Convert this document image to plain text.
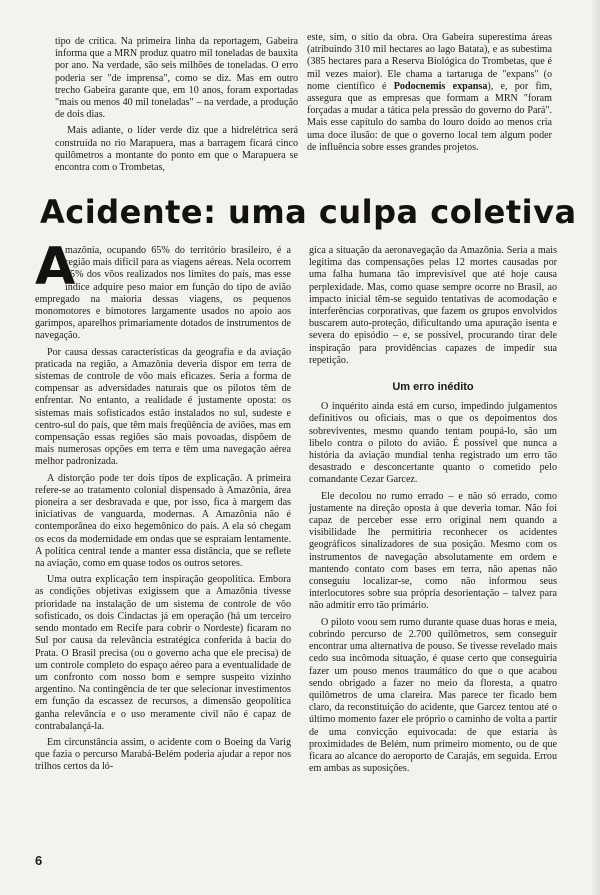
tipo de crítica. Na primeira linha da reportagem, Gabeira informa que a MRN produz quatro mil toneladas de bauxita por ano. Na verdade, são seis milhões de toneladas. O erro poderia ser "de imprensa", como se diz. Mas em outro trecho Gabeira garante que, em 10 anos, foram exportadas "mais ou menos 40 mil toneladas" – na verdade, a produção de dois dias.

Mais adiante, o líder verde diz que a hidrelétrica será construída no rio Marapuera, mas a barragem ficará cinco quilômetros a montante do ponto em que o Marapuera se encontra com o Trombetas,

este, sim, o sítio da obra. Ora Gabeira superestima áreas (atribuindo 310 mil hectares ao lago Batata), e as subestima (385 hectares para a Reserva Biológica do Trombetas, que é mil vezes maior). Ele chama a tartaruga de "expans" (o nome científico é Podocnemis expansa), e, por fim, assegura que as empresas que formam a MRN "foram forçadas a mudar a tática pela pressão do governo do Pará". Mais esse capítulo do samba do louro doido ao menos cria uma doce ilusão: de que o governo local tem algum poder de influência sobre esses grandes projetos.

Acidente: uma culpa coletiva

A
mazônia, ocupando 65% do território brasileiro, é a região mais difícil para as viagens aéreas. Nela ocorrem 15% dos vôos realizados nos limites do país, mas esse índice adquire peso maior em função do tipo de avião empregado na maioria dessas viagens, os pequenos monomotores e bimotores largamente usados no apoio aos garimpos, aparelhos primariamente dotados de instrumentos de navegação.

Por causa dessas características da geografia e da aviação praticada na região, a Amazônia deveria dispor em terra de sistemas de controle de vôo mais eficazes. Seria a forma de compensar as adversidades naturais que os pilotos têm de enfrentar. No entanto, a realidade é justamente oposta: os sistemas mais sofisticados estão instalados no sul, sudeste e centro-sul do país, que têm mais freqüência de aviões, mas em compensação essas regiões são mais povoadas, dispõem de mais numerosas opções em terra e têm uma navegação aérea melhor padronizada.

A distorção pode ter dois tipos de explicação. A primeira refere-se ao tratamento colonial dispensado à Amazônia, área pioneira a ser desbravada e que, por isso, fica à margem das iniciativas de vanguarda, modernas. A Amazônia não é contemporânea do eixo hegemônico do país. A ela só chegam os ecos da modernidade em ondas que se espraiam lentamente. A política central tende a manter essa distância, que se reflete na aviação, como em quase todos os outros setores.

Uma outra explicação tem inspiração geopolítica. Embora as condições objetivas exigissem que a Amazônia tivesse prioridade na instalação de um sistema de controle de vôo sofisticado, os dois Cindactas já em operação (há um terceiro sendo montado em Recife para cobrir o Nordeste) ficaram no Sul por causa da relevância estratégica conferida à bacia do Prata. O Brasil precisa (ou o governo acha que ele precisa) de um controle completo do espaço aéreo para a eventualidade de um confronto com nosso bom e sempre suspeito vizinho argentino. Na contingência de ter que selecionar investimentos em função da escassez de recursos, a dimensão geopolítica ganha relevância e o uso meramente civil não é capaz de contrabalançá-la.

Em circunstância assim, o acidente com o Boeing da Varig que fazia o percurso Marabá-Belém poderia ajudar a repor nos trilhos certos da ló-

gica a situação da aeronavegação da Amazônia. Seria a mais legítima das compensações pelas 12 mortes causadas por uma falha humana tão imprevisível que até hoje causa perplexidade. Mas, como quase sempre ocorre no Brasil, ao impacto inicial têm-se seguido tentativas de acomodação e interferências corporativas, que fazem os grupos envolvidos buscarem auto-proteção, dificultando uma apuração isenta e severa do episódio – e, se possível, procurando tirar dele inspiração para providências capazes de impedir sua repetição.

Um erro inédito

O inquérito ainda está em curso, impedindo julgamentos definitivos ou oficiais, mas o que os depoimentos dos sobreviventes, mesmo quando tentam poupá-lo, são um libelo contra o piloto do avião. É possível que nunca a história da aviação mundial tenha registrado um erro tão desastrado e desconcertante quanto o cometido pelo comandante Cezar Garcez.

Ele decolou no rumo errado – e não só errado, como justamente na direção oposta à que deveria tomar. Não foi capaz de perceber esse erro original nem quando a visibilidade lhe permitiria reconhecer os acidentes geográficos sinalizadores de sua posição. Mesmo com os instrumentos de navegação absolutamente em ordem e mantendo contato com bases em terra, não apenas não conseguiu localizar-se, como não informou seus interlocutores sobre sua própria desorientação – talvez para não admitir erro tão primário.

O piloto voou sem rumo durante quase duas horas e meia, cobrindo percurso de 2.700 quilômetros, sem conseguir encontrar uma alternativa de pouso. Se tivesse revelado mais cedo sua incômoda situação, é quase certo que conseguiria fazer um pouso menos traumático do que o que acabou sendo obrigado a fazer no meio da floresta, a quatro quilômetros de uma clareira. Mas parece ter ficado bem claro, da reconstituição do acidente, que Garcez tentou até o último momento fazer ele próprio o caminho de volta a partir de uma convicção equivocada: de que estaria às proximidades de Belém, num primeiro momento, ou de que ficara ao alcance do aeroporto de Carajás, em seguida. Errou em ambas as suposições.

6
